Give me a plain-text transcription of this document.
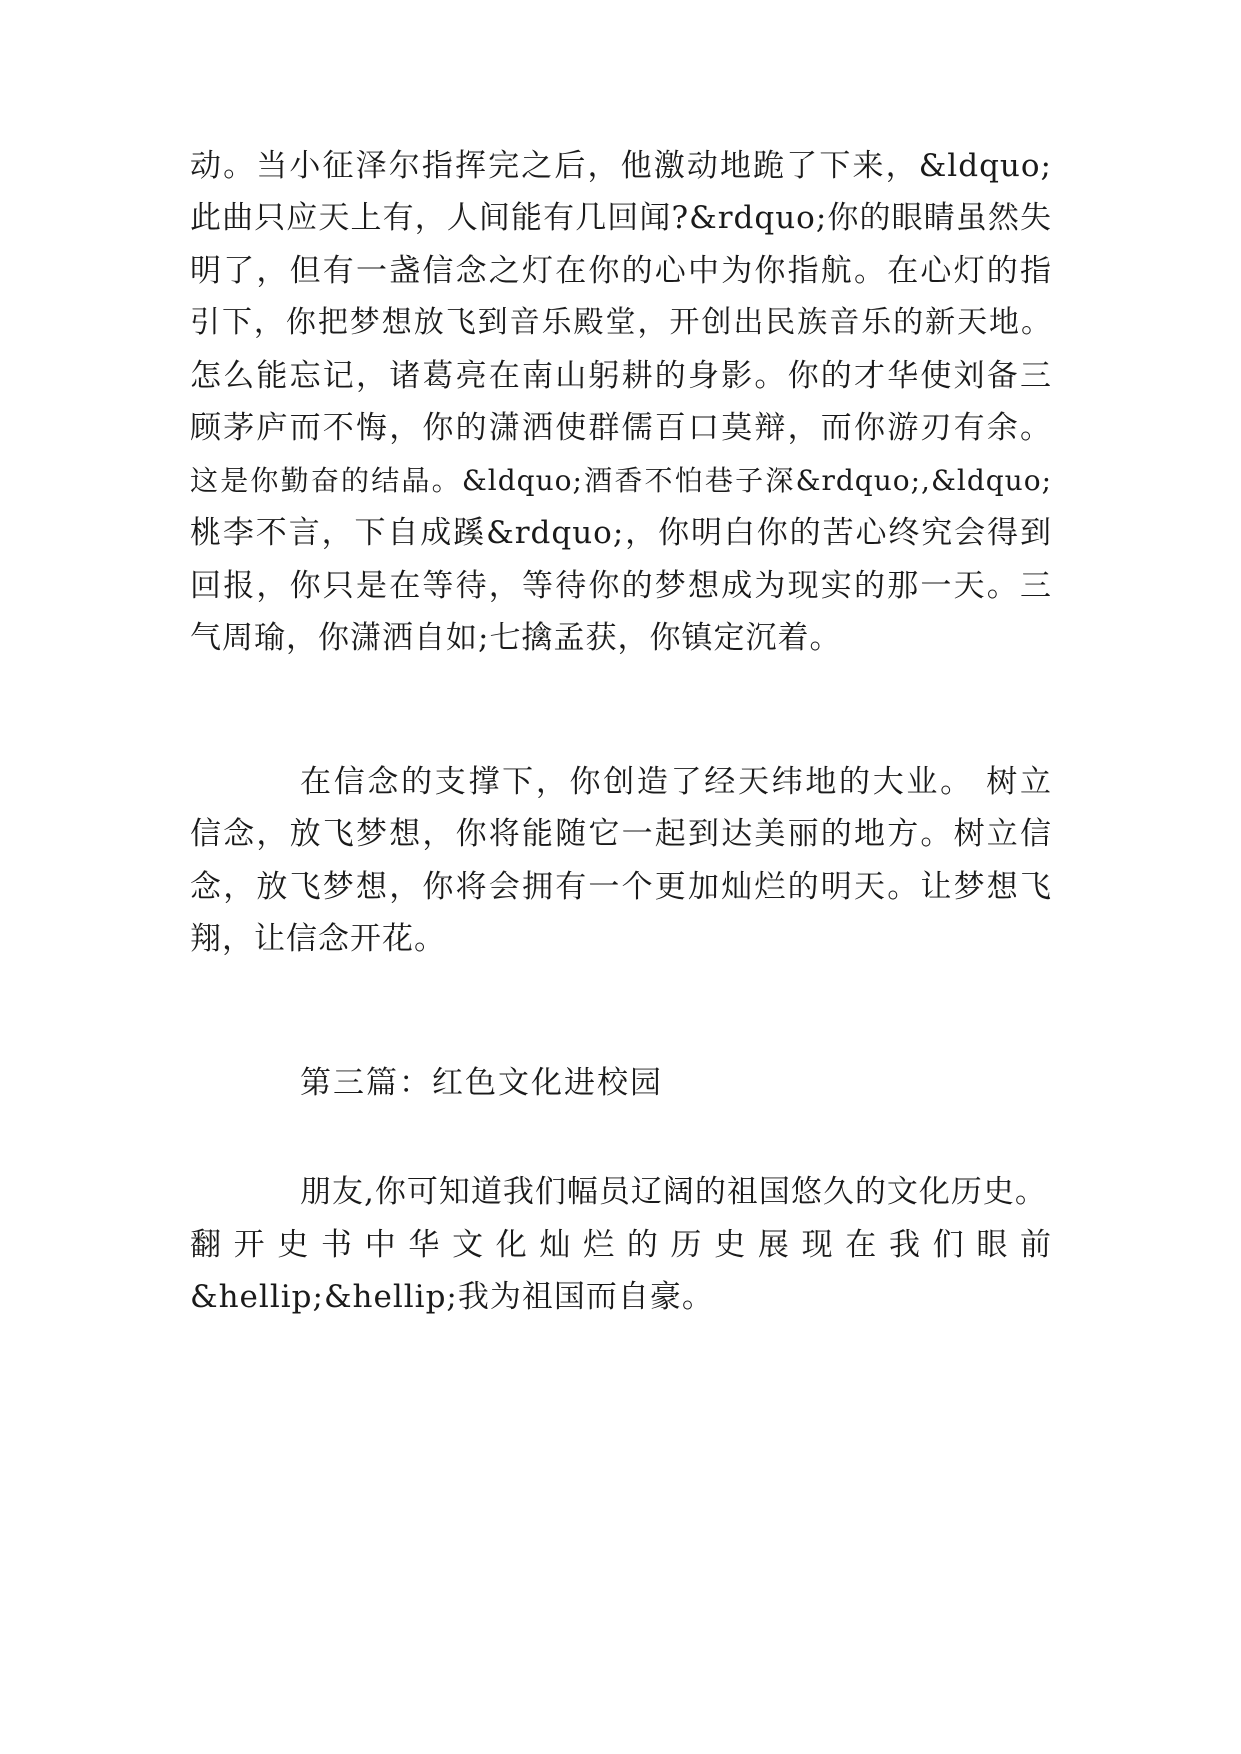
动。当小征泽尔指挥完之后，他激动地跪了下来，&ldquo;
此曲只应天上有，人间能有几回闻?&rdquo;你的眼睛虽然失
明了，但有一盏信念之灯在你的心中为你指航。在心灯的指
引下，你把梦想放飞到音乐殿堂，开创出民族音乐的新天地。
怎么能忘记，诸葛亮在南山躬耕的身影。你的才华使刘备三
顾茅庐而不悔，你的潇洒使群儒百口莫辩，而你游刃有余。
这是你勤奋的结晶。&ldquo;酒香不怕巷子深&rdquo;,&ldquo;
桃李不言，下自成蹊&rdquo;，你明白你的苦心终究会得到
回报，你只是在等待，等待你的梦想成为现实的那一天。三
气周瑜，你潇洒自如;七擒孟获，你镇定沉着。
在信念的支撑下，你创造了经天纬地的大业。 树立
信念，放飞梦想，你将能随它一起到达美丽的地方。树立信
念，放飞梦想，你将会拥有一个更加灿烂的明天。让梦想飞
翔，让信念开花。
第三篇：红色文化进校园
朋友,你可知道我们幅员辽阔的祖国悠久的文化历史。
翻开史书中华文化灿烂的历史展现在我们眼前
&hellip;&hellip;我为祖国而自豪。
